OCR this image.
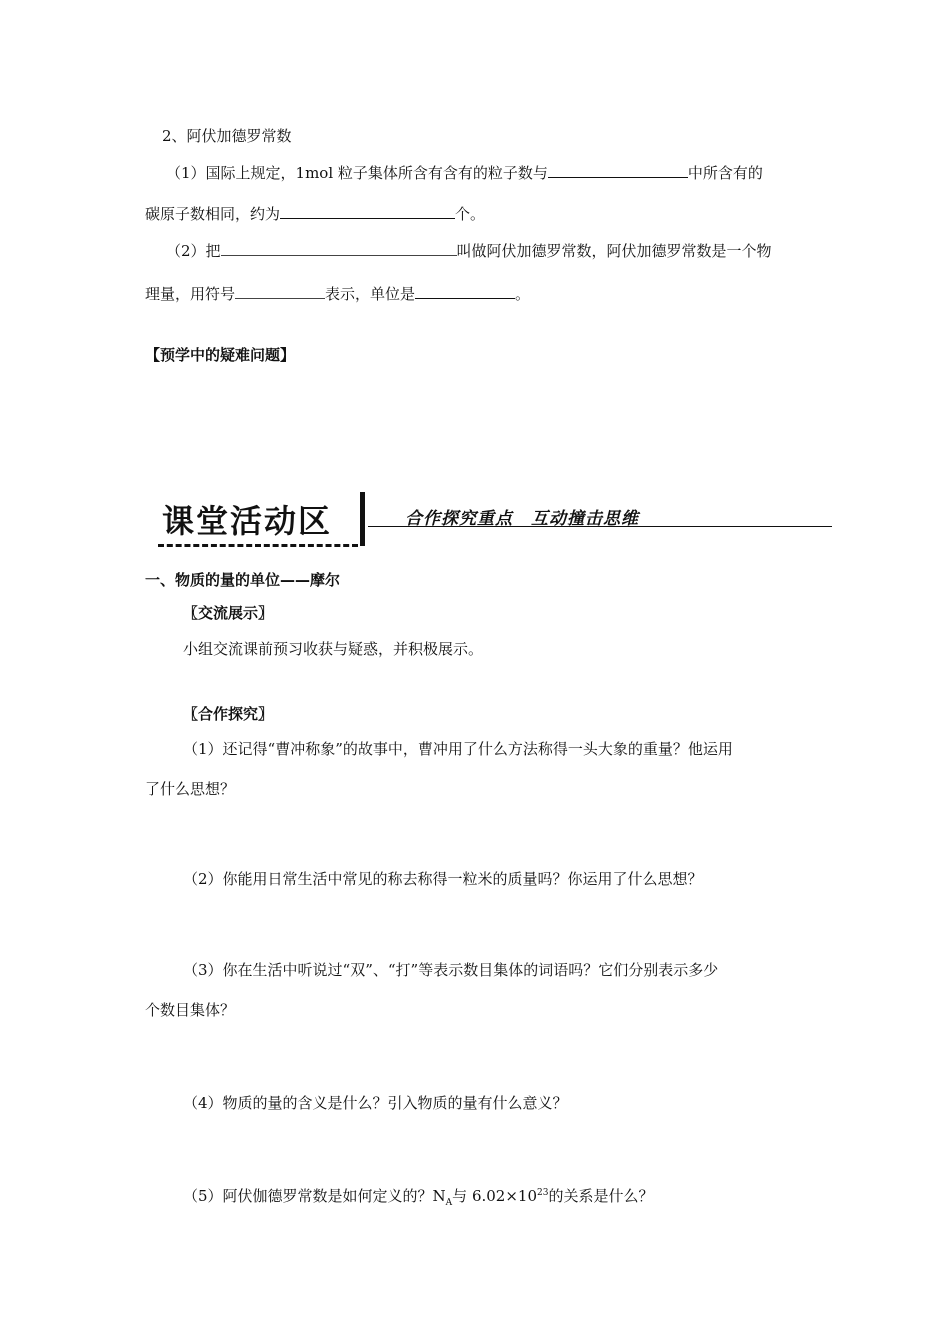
2、阿伏加德罗常数
（1）国际上规定，1mol 粒子集体所含有含有的粒子数与	中所含有的
碳原子数相同，约为	个。
（2）把	叫做阿伏加德罗常数，阿伏加德罗常数是一个物
理量，用符号	表示，单位是	。
【预学中的疑难问题】
课堂活动区	合作探究重点　互动撞击思维
一、物质的量的单位——摩尔
〖交流展示〗
小组交流课前预习收获与疑惑，并积极展示。
〖合作探究〗
（1）还记得“曹冲称象”的故事中，曹冲用了什么方法称得一头大象的重量？他运用
了什么思想？
（2）你能用日常生活中常见的称去称得一粒米的质量吗？你运用了什么思想？
（3）你在生活中听说过“双”、“打”等表示数目集体的词语吗？它们分别表示多少
个数目集体？
（4）物质的量的含义是什么？引入物质的量有什么意义？
（5）阿伏伽德罗常数是如何定义的？$N_A$与 $6.02\times 10^{23}$的关系是什么？
